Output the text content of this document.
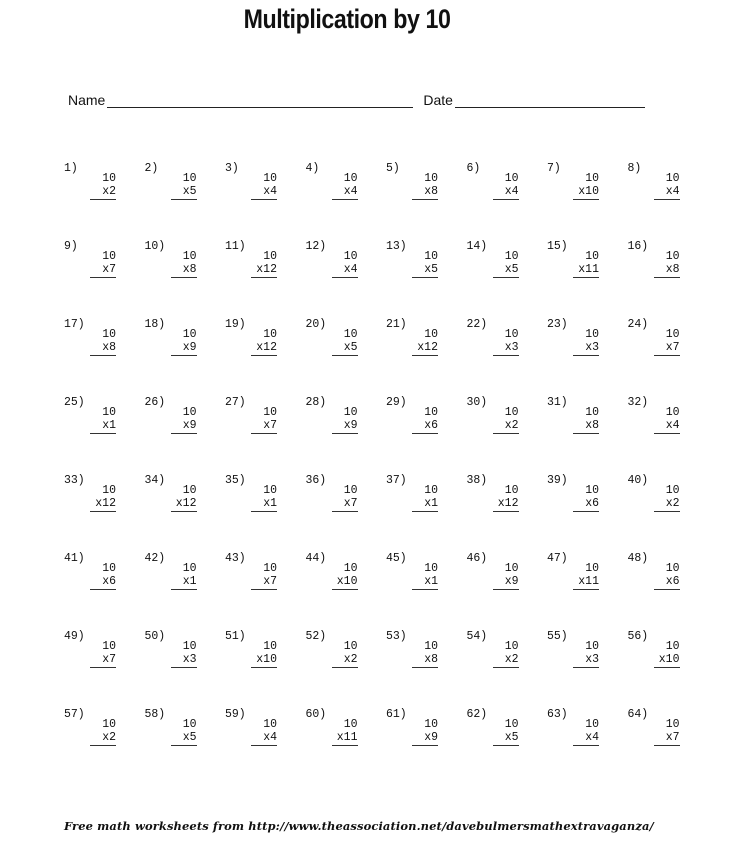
Multiplication by 10
Name	Date
1)
10
x2
2)
10
x5
3)
10
x4
4)
10
x4
5)
10
x8
6)
10
x4
7)
10
x10
8)
10
x4
9)
10
x7
10)
10
x8
11)
10
x12
12)
10
x4
13)
10
x5
14)
10
x5
15)
10
x11
16)
10
x8
17)
10
x8
18)
10
x9
19)
10
x12
20)
10
x5
21)
10
x12
22)
10
x3
23)
10
x3
24)
10
x7
25)
10
x1
26)
10
x9
27)
10
x7
28)
10
x9
29)
10
x6
30)
10
x2
31)
10
x8
32)
10
x4
33)
10
x12
34)
10
x12
35)
10
x1
36)
10
x7
37)
10
x1
38)
10
x12
39)
10
x6
40)
10
x2
41)
10
x6
42)
10
x1
43)
10
x7
44)
10
x10
45)
10
x1
46)
10
x9
47)
10
x11
48)
10
x6
49)
10
x7
50)
10
x3
51)
10
x10
52)
10
x2
53)
10
x8
54)
10
x2
55)
10
x3
56)
10
x10
57)
10
x2
58)
10
x5
59)
10
x4
60)
10
x11
61)
10
x9
62)
10
x5
63)
10
x4
64)
10
x7
Free math worksheets from http://www.theassociation.net/davebulmersmathextravaganza/
